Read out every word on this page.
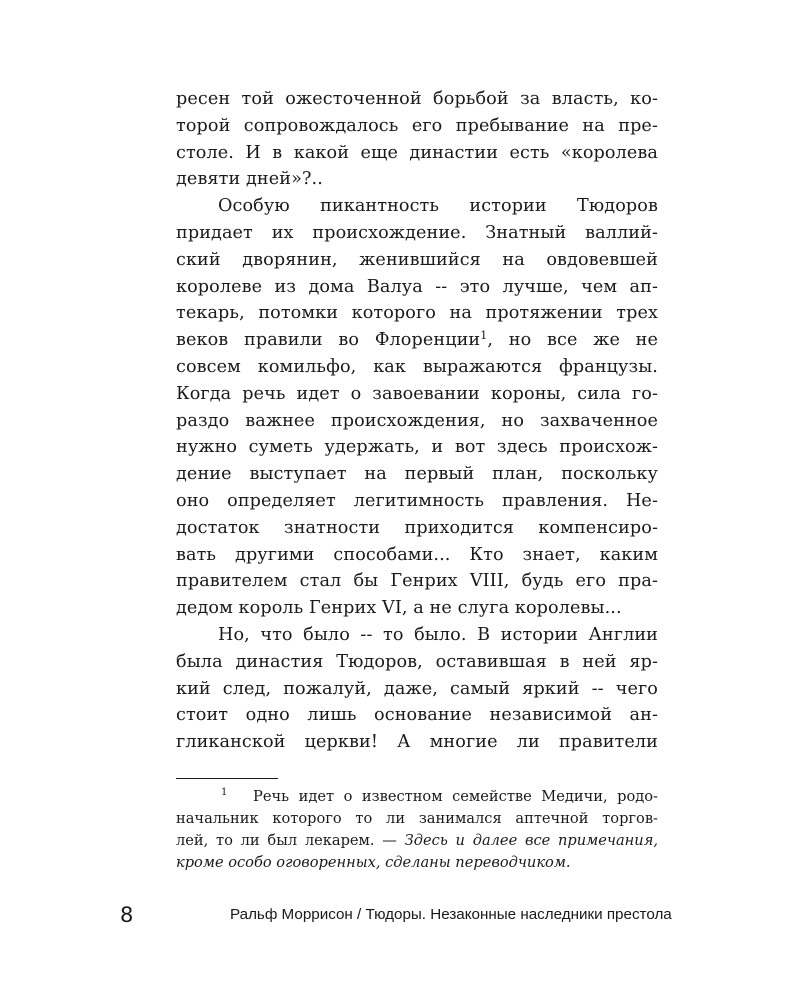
ресен той ожесточенной борьбой за власть, ко-
торой сопровождалось его пребывание на пре-
столе. И в какой еще династии есть «королева
девяти дней»?..
Особую пикантность истории Тюдоров
придает их происхождение. Знатный валлий-
ский дворянин, женившийся на овдовевшей
королеве из дома Валуа -- это лучше, чем ап-
текарь, потомки которого на протяжении трех
веков правили во Флоренции$^1$, но все же не
совсем комильфо, как выражаются французы.
Когда речь идет о завоевании короны, сила го-
раздо важнее происхождения, но захваченное
нужно суметь удержать, и вот здесь происхож-
дение выступает на первый план, поскольку
оно определяет легитимность правления. Не-
достаток знатности приходится компенсиро-
вать другими способами... Кто знает, каким
правителем стал бы Генрих VIII, будь его пра-
дедом король Генрих VI, а не слуга королевы...
Но, что было -- то было. В истории Англии
была династия Тюдоров, оставившая в ней яр-
кий след, пожалуй, даже, самый яркий -- чего
стоит одно лишь основание независимой ан-
гликанской церкви! А многие ли правители
1	Речь идет о известном семействе Медичи, родо-
начальник которого то ли занимался аптечной торгов-
лей, то ли был лекарем. — Здесь и далее все примечания,
кроме особо оговоренных, сделаны переводчиком.
8	Ральф Моррисон / Тюдоры. Незаконные наследники престола
